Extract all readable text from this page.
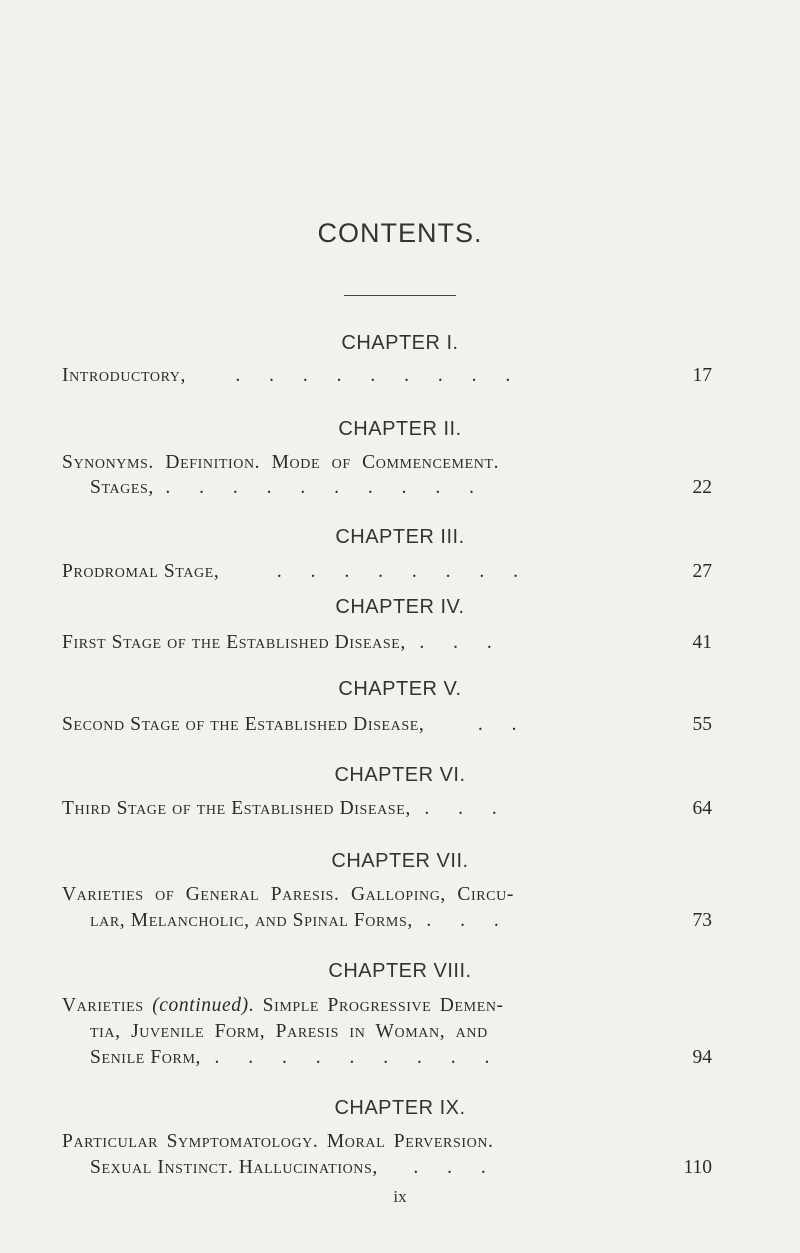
CONTENTS.
CHAPTER I.
Introductory,	. . . . . . . . .	17
CHAPTER II.
Synonyms. Definition. Mode of Commencement.
Stages, . . . . . . . . . .	22
CHAPTER III.
Prodromal Stage,	. . . . . . . .	27
CHAPTER IV.
First Stage of the Established Disease, . . .	41
CHAPTER V.
Second Stage of the Established Disease,	. .	55
CHAPTER VI.
Third Stage of the Established Disease, . . .	64
CHAPTER VII.
Varieties of General Paresis. Galloping, Circu-
lar, Melancholic, and Spinal Forms, . . .	73
CHAPTER VIII.
Varieties (continued). Simple Progressive Demen-
tia, Juvenile Form, Paresis in Woman, and
Senile Form, . . . . . . . . .	94
CHAPTER IX.
Particular Symptomatology. Moral Perversion.
Sexual Instinct. Hallucinations, . . .	110
ix
